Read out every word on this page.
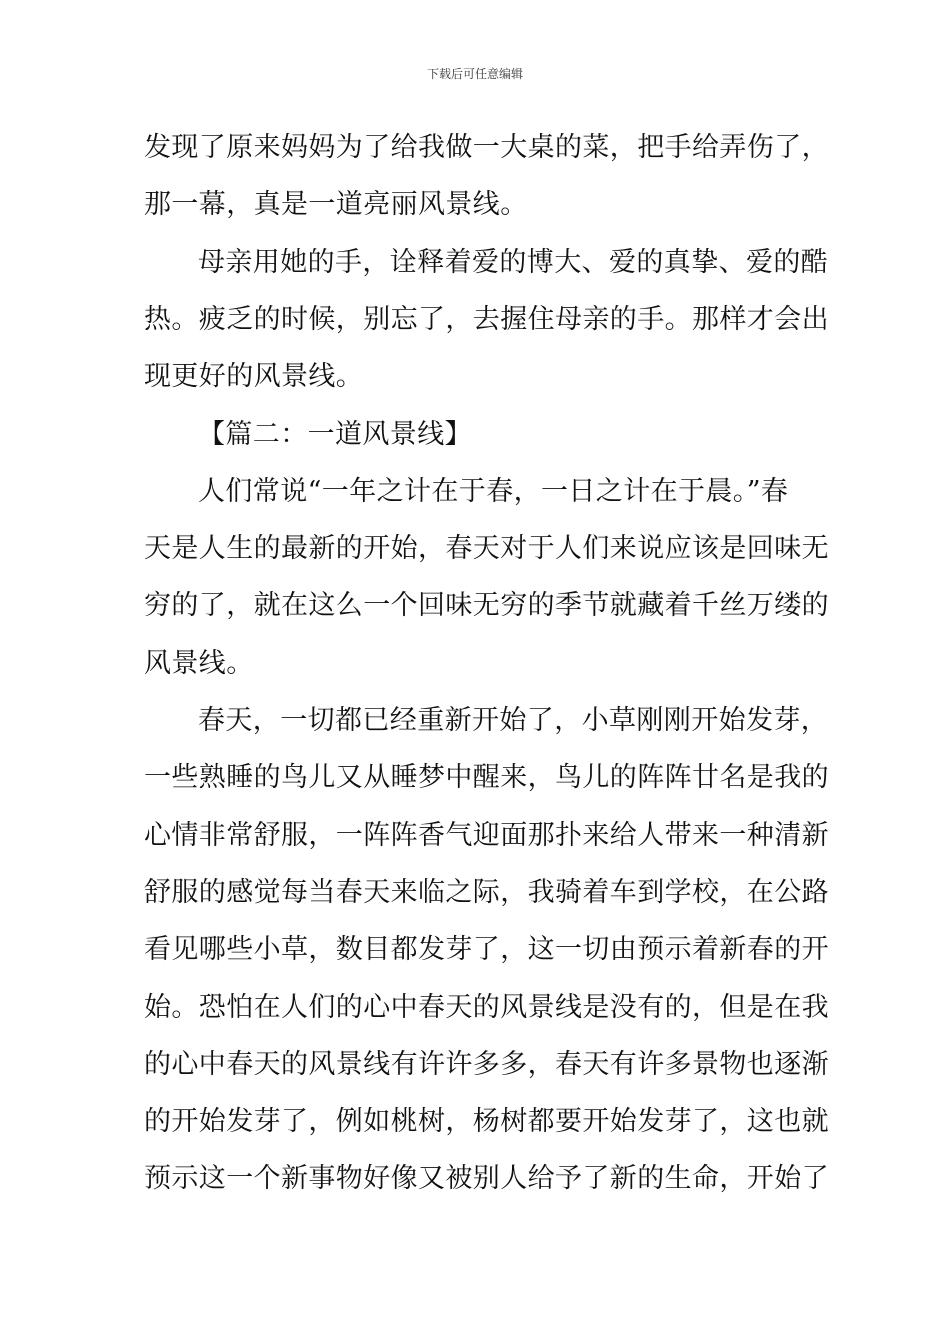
下载后可任意编辑
发现了原来妈妈为了给我做一大桌的菜，把手给弄伤了，
那一幕，真是一道亮丽风景线。
母亲用她的手，诠释着爱的博大、爱的真挚、爱的酷
热。疲乏的时候，别忘了，去握住母亲的手。那样才会出
现更好的风景线。
【篇二：一道风景线】
人们常说“一年之计在于春，一日之计在于晨。”春
天是人生的最新的开始，春天对于人们来说应该是回味无
穷的了，就在这么一个回味无穷的季节就藏着千丝万缕的
风景线。
春天，一切都已经重新开始了，小草刚刚开始发芽，
一些熟睡的鸟儿又从睡梦中醒来，鸟儿的阵阵廿名是我的
心情非常舒服，一阵阵香气迎面那扑来给人带来一种清新
舒服的感觉每当春天来临之际，我骑着车到学校，在公路
看见哪些小草，数目都发芽了，这一切由预示着新春的开
始。恐怕在人们的心中春天的风景线是没有的，但是在我
的心中春天的风景线有许许多多，春天有许多景物也逐渐
的开始发芽了，例如桃树，杨树都要开始发芽了，这也就
预示这一个新事物好像又被别人给予了新的生命，开始了
